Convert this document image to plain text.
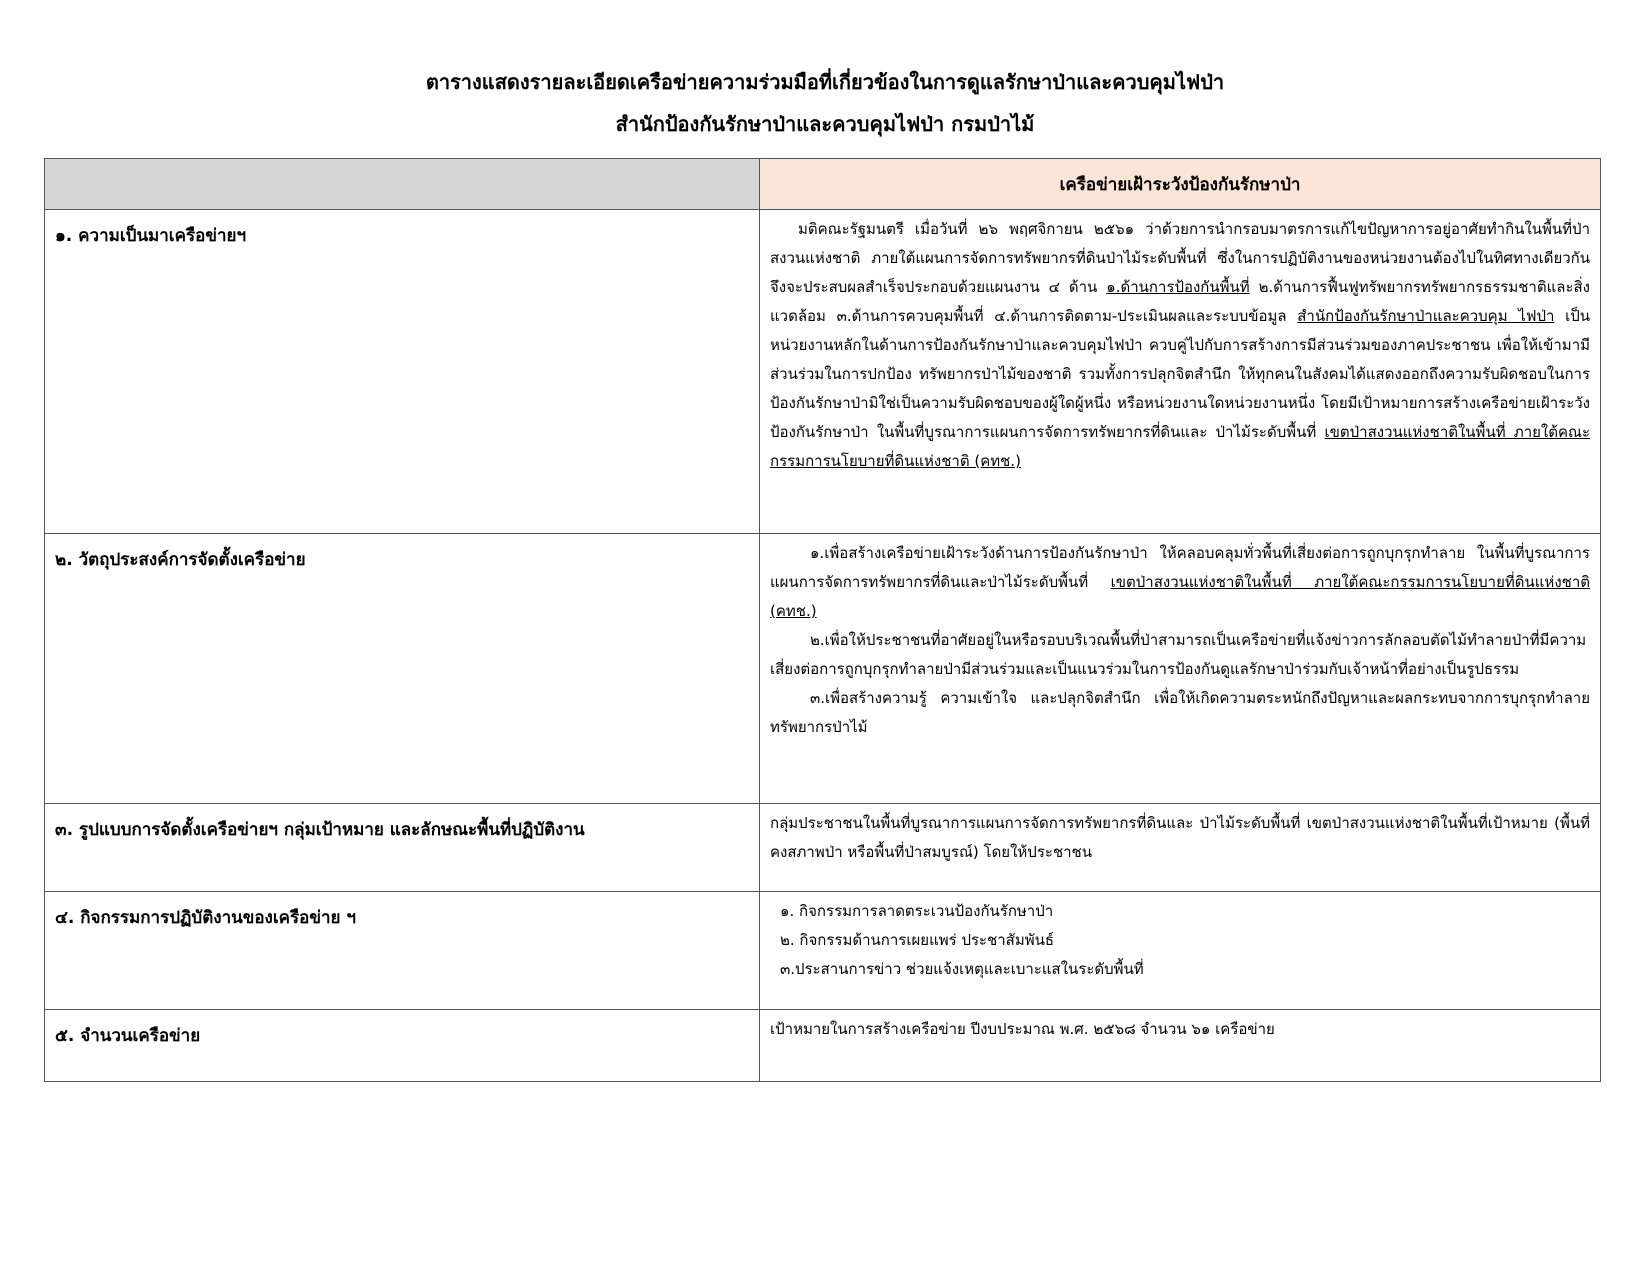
ตารางแสดงรายละเอียดเครือข่ายความร่วมมือที่เกี่ยวข้องในการดูแลรักษาป่าและควบคุมไฟป่า
สำนักป้องกันรักษาป่าและควบคุมไฟป่า กรมป่าไม้
	เครือข่ายเฝ้าระวังป้องกันรักษาป่า
๑. ความเป็นมาเครือข่ายฯ	มติคณะรัฐมนตรี เมื่อวันที่ ๒๖ พฤศจิกายน ๒๕๖๑ ว่าด้วยการนำกรอบมาตรการแก้ไขปัญหาการอยู่อาศัยทำกินในพื้นที่ป่าสงวนแห่งชาติ ภายใต้แผนการจัดการทรัพยากรที่ดินป่าไม้ระดับพื้นที่ ซึ่งในการปฏิบัติงานของหน่วยงานต้องไปในทิศทางเดียวกัน จึงจะประสบผลสำเร็จประกอบด้วยแผนงาน ๔ ด้าน ๑.ด้านการป้องกันพื้นที่ ๒.ด้านการฟื้นฟูทรัพยากรทรัพยากรธรรมชาติและสิ่งแวดล้อม ๓.ด้านการควบคุมพื้นที่ ๔.ด้านการติดตาม-ประเมินผลและระบบข้อมูล สำนักป้องกันรักษาป่าและควบคุม ไฟป่า เป็นหน่วยงานหลักในด้านการป้องกันรักษาป่าและควบคุมไฟป่า ควบคู่ไปกับการสร้างการมีส่วนร่วมของภาคประชาชน เพื่อให้เข้ามามีส่วนร่วมในการปกป้อง ทรัพยากรป่าไม้ของชาติ รวมทั้งการปลุกจิตสำนึก ให้ทุกคนในสังคมได้แสดงออกถึงความรับผิดชอบในการป้องกันรักษาป่ามิใช่เป็นความรับผิดชอบของผู้ใดผู้หนึ่ง หรือหน่วยงานใดหน่วยงานหนึ่ง โดยมีเป้าหมายการสร้างเครือข่ายเฝ้าระวังป้องกันรักษาป่า ในพื้นที่บูรณาการแผนการจัดการทรัพยากรที่ดินและ ป่าไม้ระดับพื้นที่ เขตป่าสงวนแห่งชาติในพื้นที่ ภายใต้คณะกรรมการนโยบายที่ดินแห่งชาติ (คทช.)

๒. วัตถุประสงค์การจัดตั้งเครือข่าย	๑.เพื่อสร้างเครือข่ายเฝ้าระวังด้านการป้องกันรักษาป่า ให้คลอบคลุมทั่วพื้นที่เสี่ยงต่อการถูกบุกรุกทำลาย ในพื้นที่บูรณาการแผนการจัดการทรัพยากรที่ดินและป่าไม้ระดับพื้นที่ เขตป่าสงวนแห่งชาติในพื้นที่ ภายใต้คณะกรรมการนโยบายที่ดินแห่งชาติ (คทช.)

๒.เพื่อให้ประชาชนที่อาศัยอยู่ในหรือรอบบริเวณพื้นที่ป่าสามารถเป็นเครือข่ายที่แจ้งข่าวการลักลอบตัดไม้ทำลายป่าที่มีความเสี่ยงต่อการถูกบุกรุกทำลายป่ามีส่วนร่วมและเป็นแนวร่วมในการป้องกันดูแลรักษาป่าร่วมกับเจ้าหน้าที่อย่างเป็นรูปธรรม

๓.เพื่อสร้างความรู้ ความเข้าใจ และปลุกจิตสำนึก เพื่อให้เกิดความตระหนักถึงปัญหาและผลกระทบจากการบุกรุกทำลายทรัพยากรป่าไม้

๓. รูปแบบการจัดตั้งเครือข่ายฯ กลุ่มเป้าหมาย และลักษณะพื้นที่ปฏิบัติงาน	กลุ่มประชาชนในพื้นที่บูรณาการแผนการจัดการทรัพยากรที่ดินและ ป่าไม้ระดับพื้นที่ เขตป่าสงวนแห่งชาติในพื้นที่เป้าหมาย (พื้นที่คงสภาพป่า หรือพื้นที่ป่าสมบูรณ์) โดยให้ประชาชน
๔. กิจกรรมการปฏิบัติงานของเครือข่าย ฯ	๑. กิจกรรมการลาดตระเวนป้องกันรักษาป่า
๒. กิจกรรมด้านการเผยแพร่ ประชาสัมพันธ์
๓.ประสานการข่าว ช่วยแจ้งเหตุและเบาะแสในระดับพื้นที่

๕. จำนวนเครือข่าย	เป้าหมายในการสร้างเครือข่าย ปีงบประมาณ พ.ศ. ๒๕๖๘ จำนวน ๖๑ เครือข่าย
